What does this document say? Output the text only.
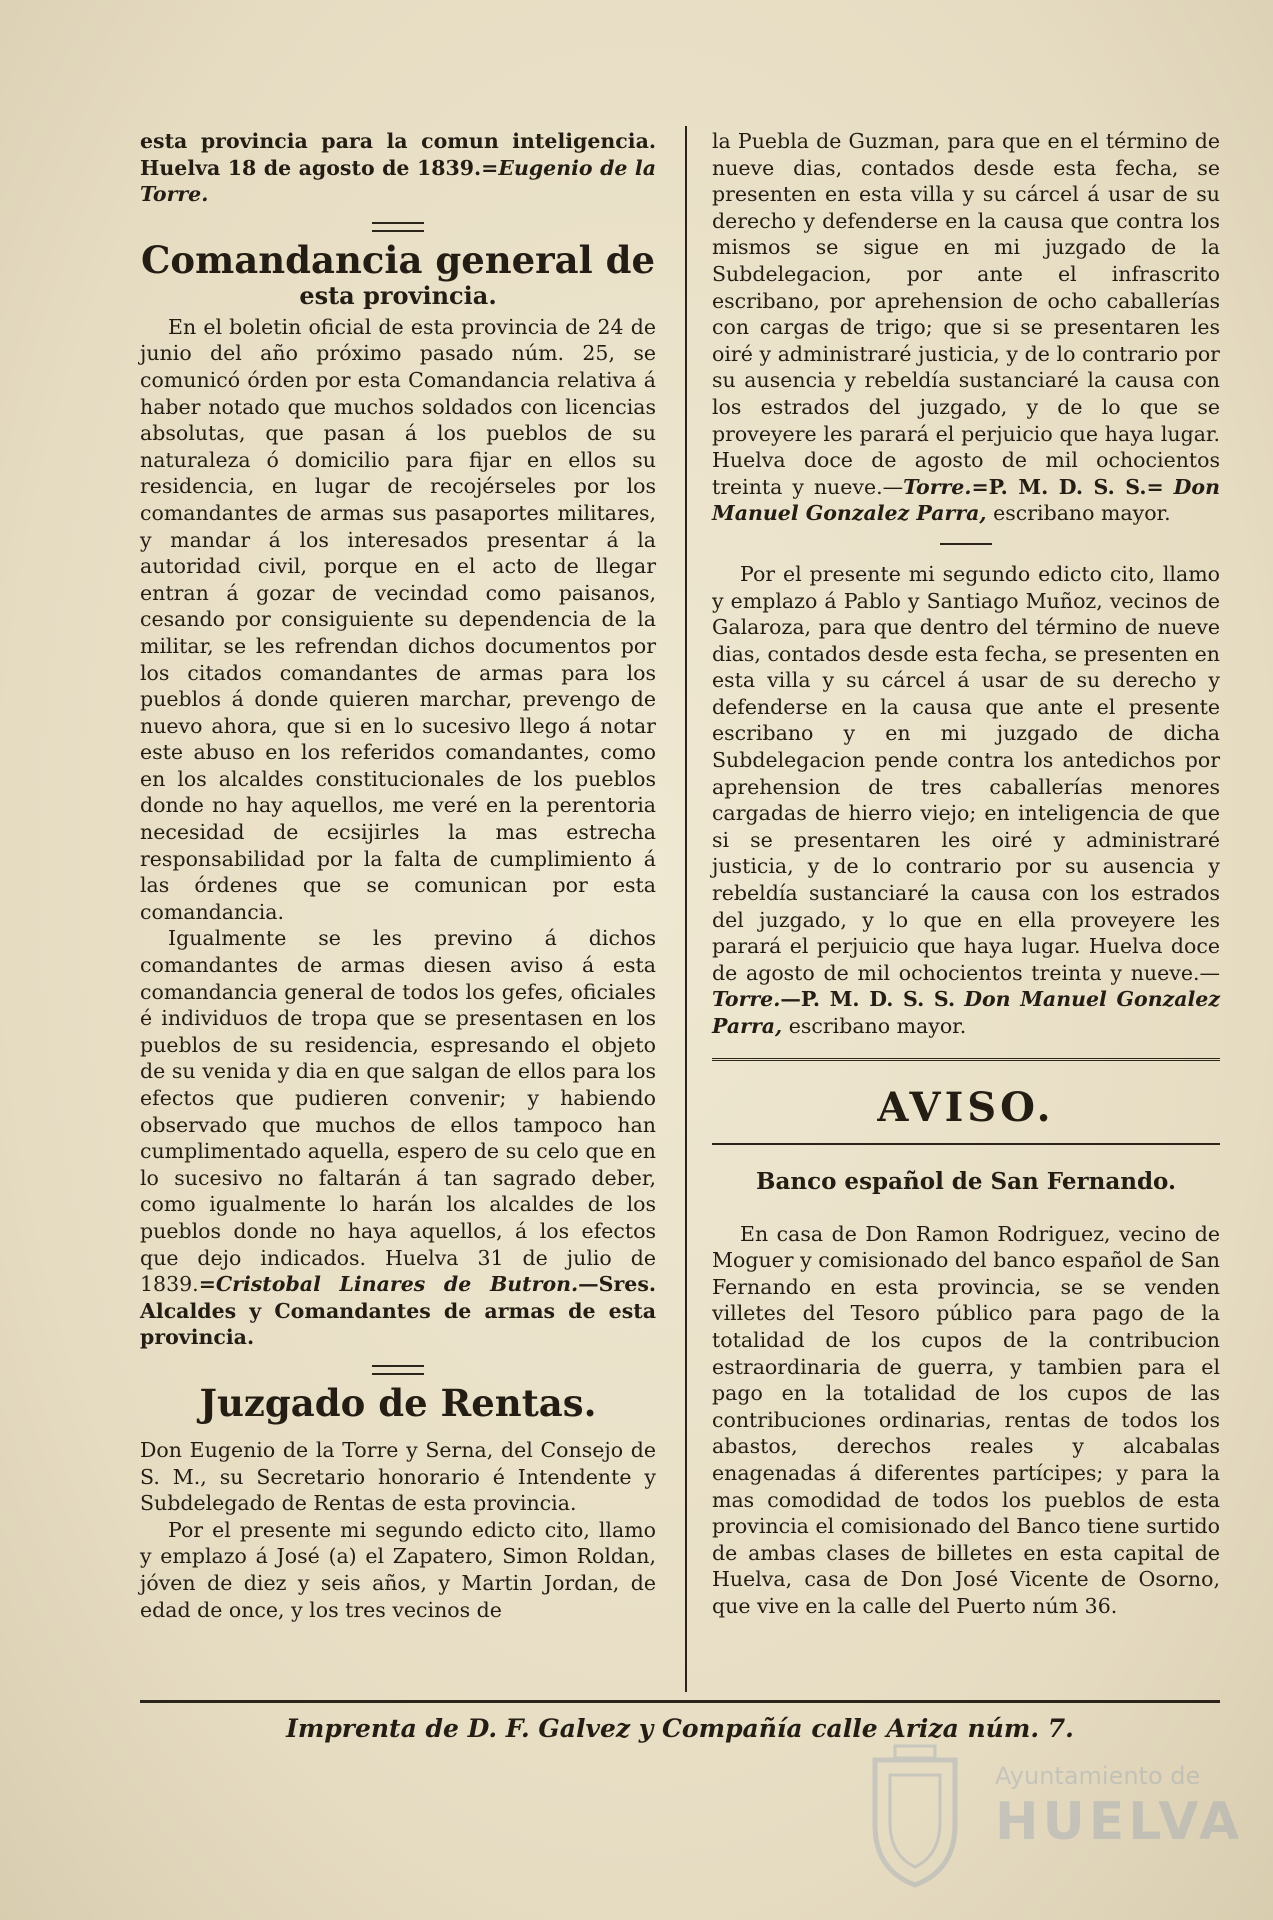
esta provincia para la comun inteligencia. Huelva 18 de agosto de 1839.=Eugenio de la Torre.

Comandancia general de
esta provincia.

En el boletin oficial de esta provincia de 24 de junio del año próximo pasado núm. 25, se comunicó órden por esta Comandancia relativa á haber notado que muchos soldados con licencias absolutas, que pasan á los pueblos de su naturaleza ó domicilio para fijar en ellos su residencia, en lugar de recojérseles por los comandantes de armas sus pasaportes militares, y mandar á los interesados presentar á la autoridad civil, porque en el acto de llegar entran á gozar de vecindad como paisanos, cesando por consiguiente su dependencia de la militar, se les refrendan dichos documentos por los citados comandantes de armas para los pueblos á donde quieren marchar, prevengo de nuevo ahora, que si en lo sucesivo llego á notar este abuso en los referidos comandantes, como en los alcaldes constitucionales de los pueblos donde no hay aquellos, me veré en la perentoria necesidad de ecsijirles la mas estrecha responsabilidad por la falta de cumplimiento á las órdenes que se comunican por esta comandancia.

Igualmente se les previno á dichos comandantes de armas diesen aviso á esta comandancia general de todos los gefes, oficiales é individuos de tropa que se presentasen en los pueblos de su residencia, espresando el objeto de su venida y dia en que salgan de ellos para los efectos que pudieren convenir; y habiendo observado que muchos de ellos tampoco han cumplimentado aquella, espero de su celo que en lo sucesivo no faltarán á tan sagrado deber, como igualmente lo harán los alcaldes de los pueblos donde no haya aquellos, á los efectos que dejo indicados. Huelva 31 de julio de 1839.=Cristobal Linares de Butron.—Sres. Alcaldes y Comandantes de armas de esta provincia.

Juzgado de Rentas.

Don Eugenio de la Torre y Serna, del Consejo de S. M., su Secretario honorario é Intendente y Subdelegado de Rentas de esta provincia.

Por el presente mi segundo edicto cito, llamo y emplazo á José (a) el Zapatero, Simon Roldan, jóven de diez y seis años, y Martin Jordan, de edad de once, y los tres vecinos de

la Puebla de Guzman, para que en el término de nueve dias, contados desde esta fecha, se presenten en esta villa y su cárcel á usar de su derecho y defenderse en la causa que contra los mismos se sigue en mi juzgado de la Subdelegacion, por ante el infrascrito escribano, por aprehension de ocho caballerías con cargas de trigo; que si se presentaren les oiré y administraré justicia, y de lo contrario por su ausencia y rebeldía sustanciaré la causa con los estrados del juzgado, y de lo que se proveyere les parará el perjuicio que haya lugar. Huelva doce de agosto de mil ochocientos treinta y nueve.—Torre.=P. M. D. S. S.= Don Manuel Gonzalez Parra, escribano mayor.

Por el presente mi segundo edicto cito, llamo y emplazo á Pablo y Santiago Muñoz, vecinos de Galaroza, para que dentro del término de nueve dias, contados desde esta fecha, se presenten en esta villa y su cárcel á usar de su derecho y defenderse en la causa que ante el presente escribano y en mi juzgado de dicha Subdelegacion pende contra los antedichos por aprehension de tres caballerías menores cargadas de hierro viejo; en inteligencia de que si se presentaren les oiré y administraré justicia, y de lo contrario por su ausencia y rebeldía sustanciaré la causa con los estrados del juzgado, y lo que en ella proveyere les parará el perjuicio que haya lugar. Huelva doce de agosto de mil ochocientos treinta y nueve.—Torre.—P. M. D. S. S. Don Manuel Gonzalez Parra, escribano mayor.

AVISO.
Banco español de San Fernando.

En casa de Don Ramon Rodriguez, vecino de Moguer y comisionado del banco español de San Fernando en esta provincia, se se venden villetes del Tesoro público para pago de la totalidad de los cupos de la contribucion estraordinaria de guerra, y tambien para el pago en la totalidad de los cupos de las contribuciones ordinarias, rentas de todos los abastos, derechos reales y alcabalas enagenadas á diferentes partícipes; y para la mas comodidad de todos los pueblos de esta provincia el comisionado del Banco tiene surtido de ambas clases de billetes en esta capital de Huelva, casa de Don José Vicente de Osorno, que vive en la calle del Puerto núm 36.

Imprenta de D. F. Galvez y Compañía calle Ariza núm. 7.
Ayuntamiento de
HUELVA
